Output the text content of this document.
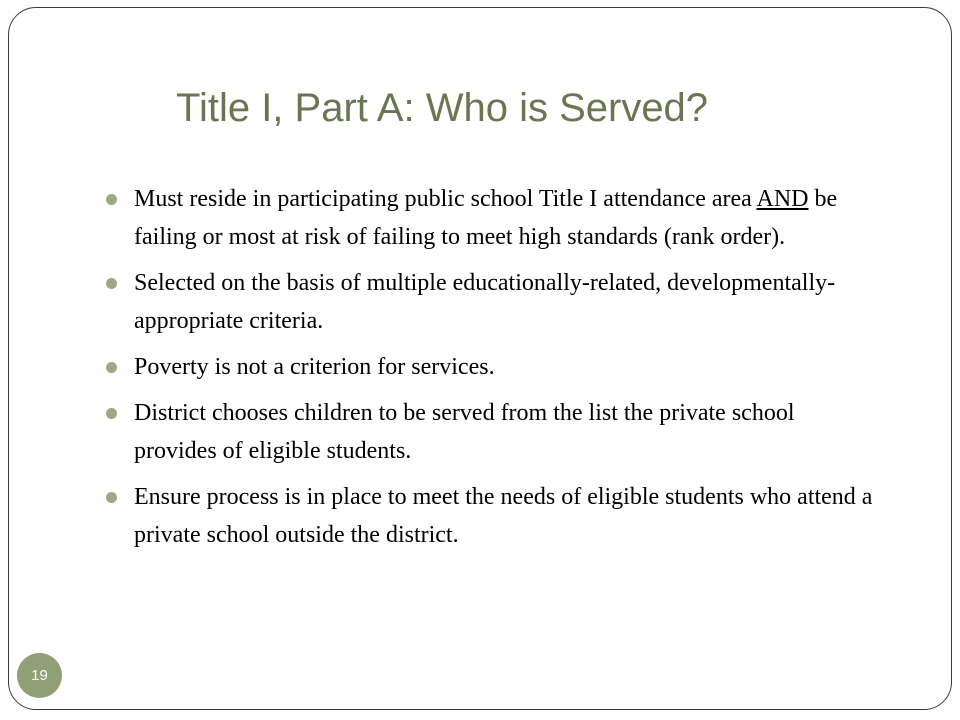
Title I, Part A: Who is Served?
Must reside in participating public school Title I attendance area AND be failing or most at risk of failing to meet high standards (rank order).
Selected on the basis of multiple educationally-related, developmentally-appropriate criteria.
Poverty is not a criterion for services.
District chooses children to be served from the list the private school provides of eligible students.
Ensure process is in place to meet the needs of eligible students who attend a private school outside the district.
19
